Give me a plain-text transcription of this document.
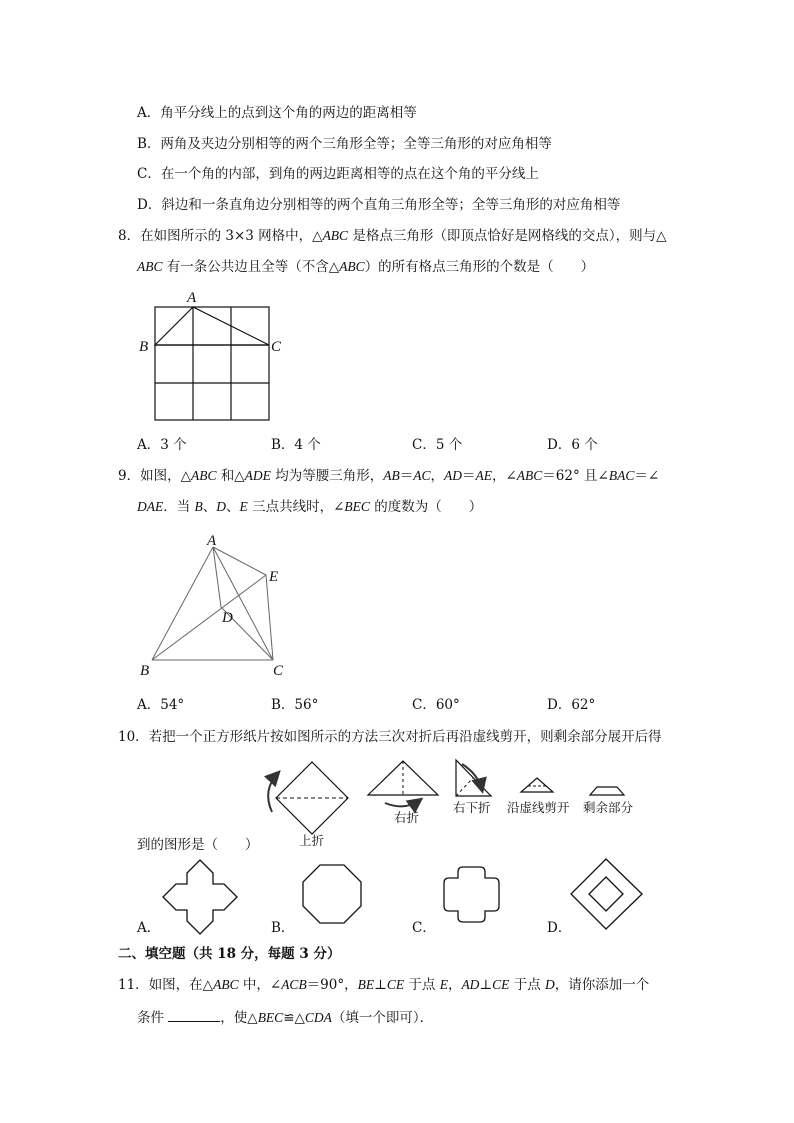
A．角平分线上的点到这个角的两边的距离相等
B．两角及夹边分别相等的两个三角形全等；全等三角形的对应角相等
C．在一个角的内部，到角的两边距离相等的点在这个角的平分线上
D．斜边和一条直角边分别相等的两个直角三角形全等；全等三角形的对应角相等
8．在如图所示的 3×3 网格中，△ABC 是格点三角形（即顶点恰好是网格线的交点），则与△
ABC 有一条公共边且全等（不含△ABC）的所有格点三角形的个数是（　　）
A
B	C
A．3 个	B．4 个	C．5 个	D．6 个
9．如图，△ABC 和△ADE 均为等腰三角形，AB＝AC，AD＝AE，∠ABC＝62° 且∠BAC＝∠
DAE．当 B、D、E 三点共线时，∠BEC 的度数为（　　）
A
B	C
D
E
A．54°	B．56°	C．60°	D．62°
10．若把一个正方形纸片按如图所示的方法三次对折后再沿虚线剪开，则剩余部分展开后得
上折
右折
右下折 沿虚线剪开 剩余部分
到的图形是（　　）
A．	B．	C．	D．
二、填空题（共 18 分，每题 3 分）
11．如图，在△ABC 中，∠ACB＝90°，BE⊥CE 于点 E，AD⊥CE 于点 D，请你添加一个
条件	，使△BEC≌△CDA（填一个即可）．
